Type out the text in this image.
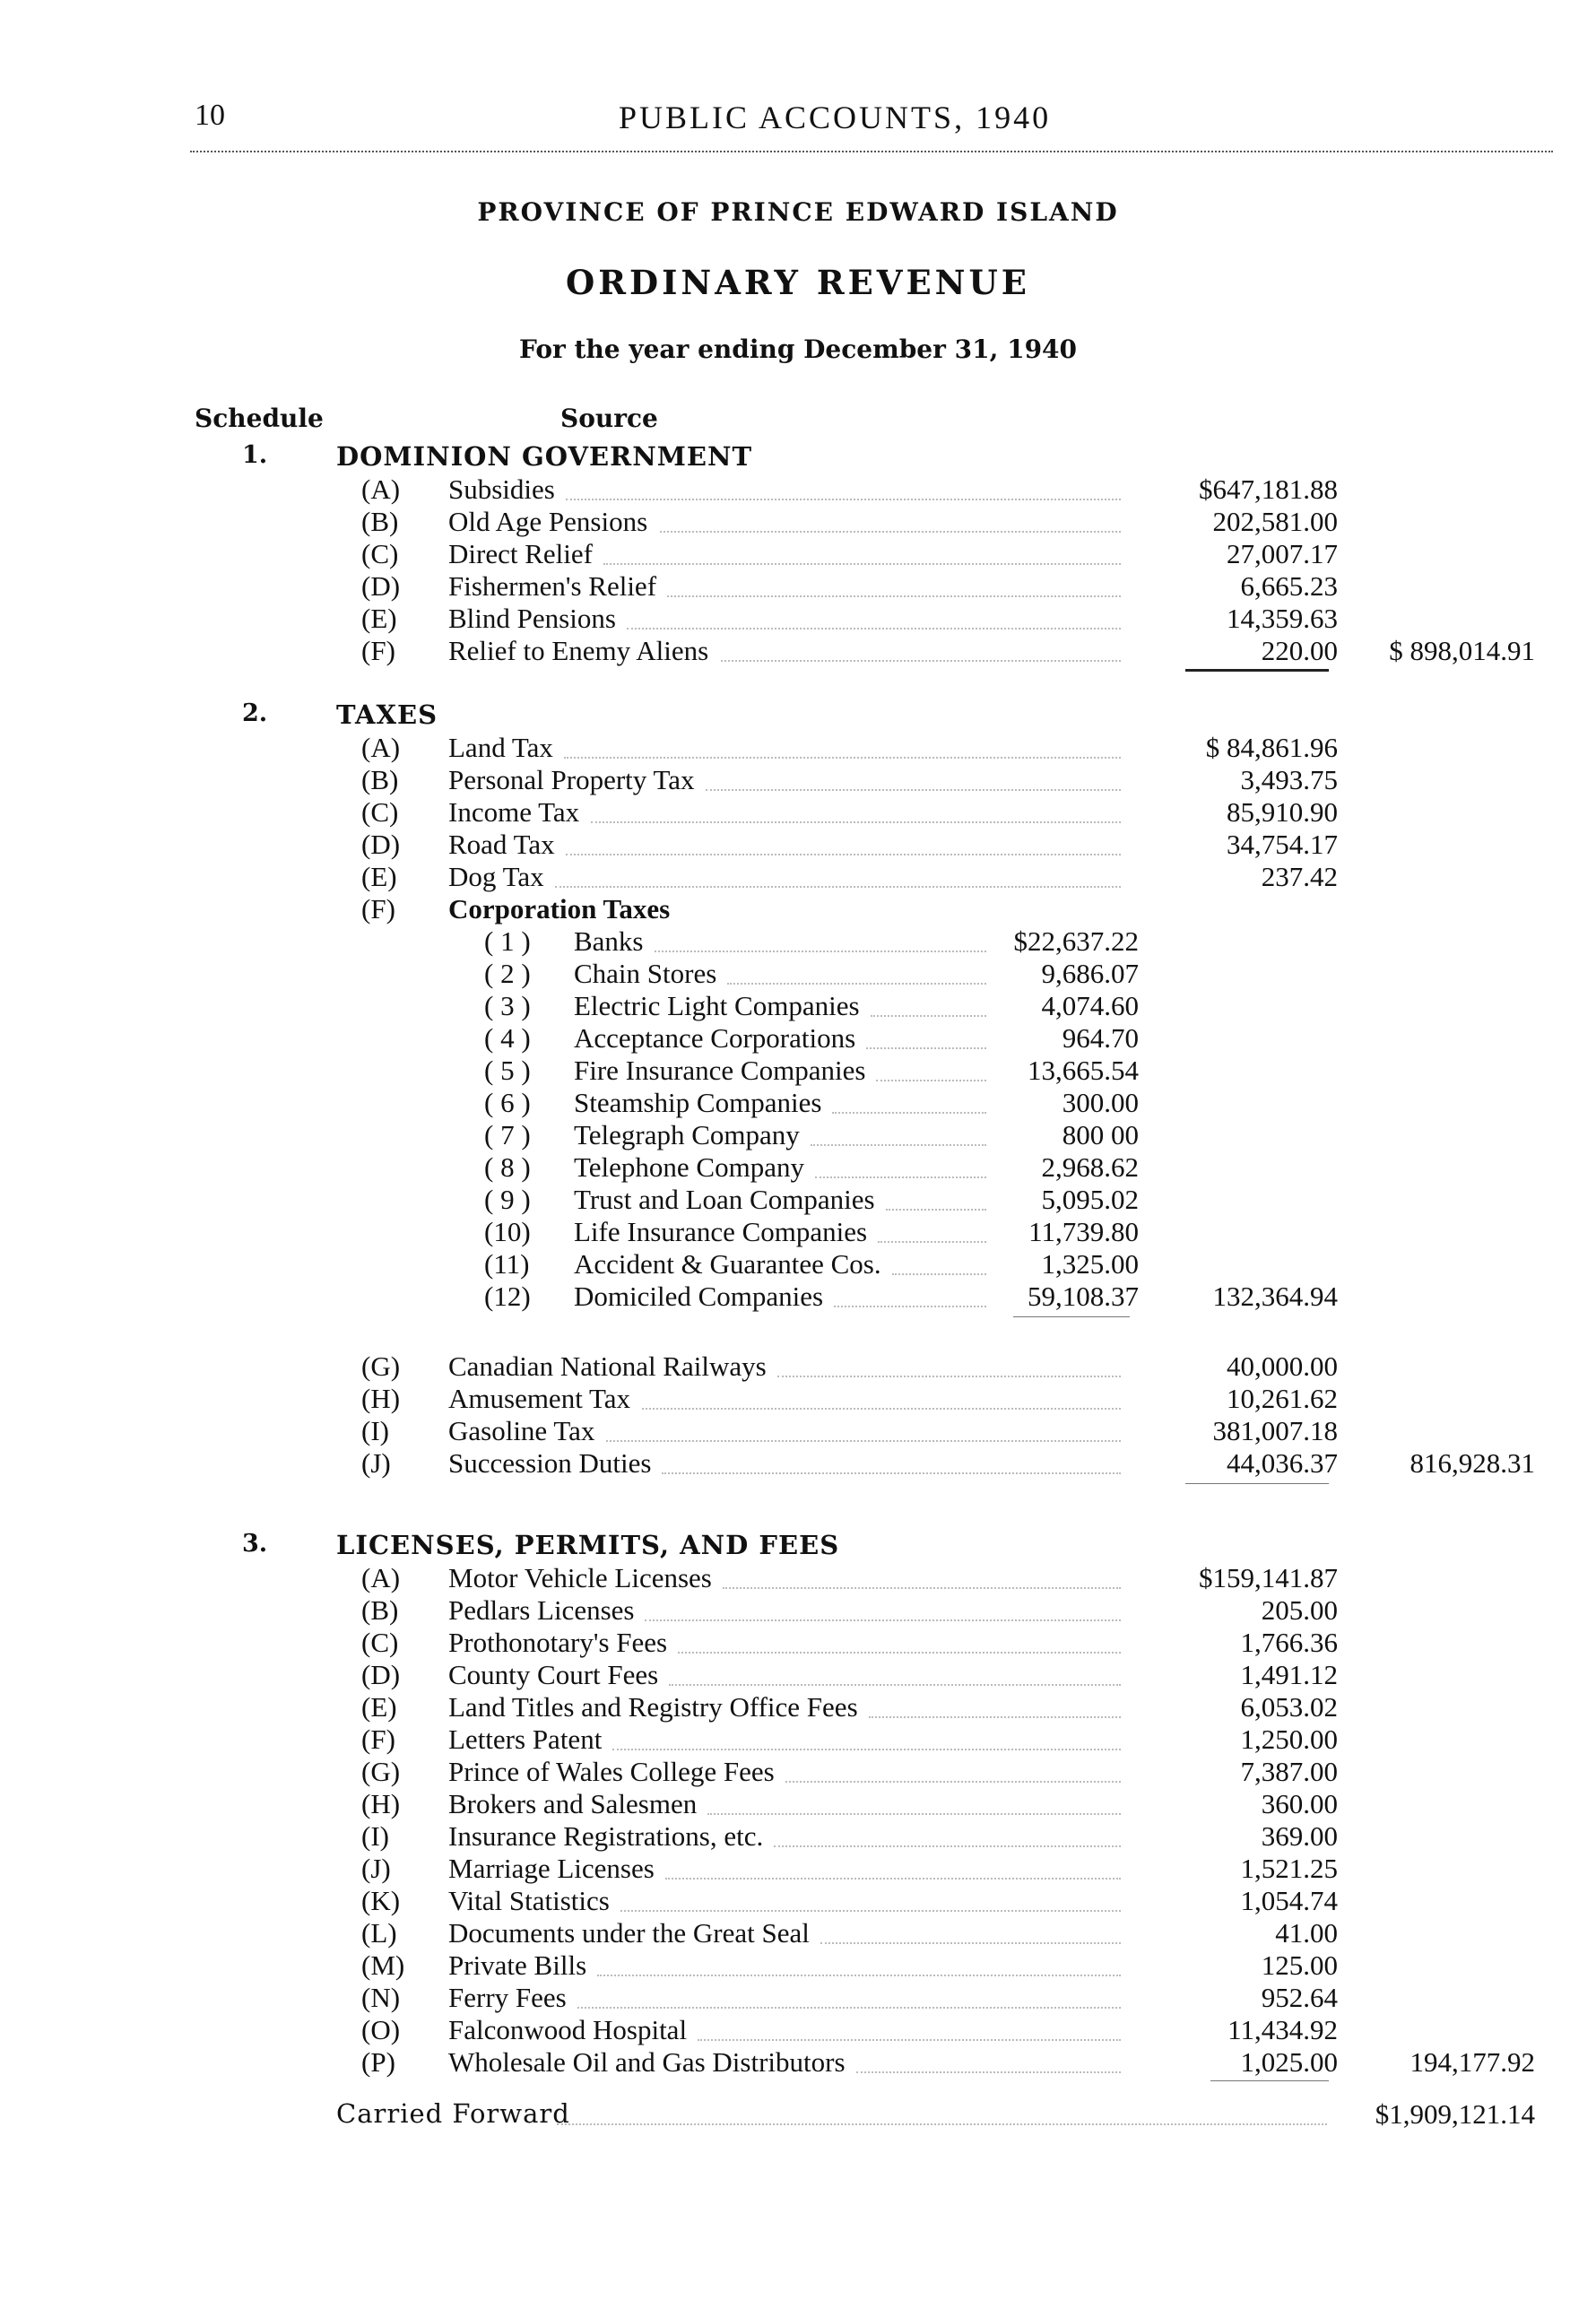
10	PUBLIC ACCOUNTS, 1940
PROVINCE OF PRINCE EDWARD ISLAND
ORDINARY REVENUE
For the year ending December 31, 1940
Schedule	Source
1.	DOMINION GOVERNMENT
(A) Subsidies	$647,181.88
(B) Old Age Pensions	202,581.00
(C) Direct Relief	27,007.17
(D) Fishermen's Relief	6,665.23
(E) Blind Pensions	14,359.63
(F) Relief to Enemy Aliens	220.00	$ 898,014.91
2.	TAXES
(A) Land Tax	$ 84,861.96
(B) Personal Property Tax	3,493.75
(C) Income Tax	85,910.90
(D) Road Tax	34,754.17
(E) Dog Tax	237.42
(F) Corporation Taxes
( 1 ) Banks	$22,637.22
( 2 ) Chain Stores	9,686.07
( 3 ) Electric Light Companies	4,074.60
( 4 ) Acceptance Corporations	964.70
( 5 ) Fire Insurance Companies	13,665.54
( 6 ) Steamship Companies	300.00
( 7 ) Telegraph Company	800 00
( 8 ) Telephone Company	2,968.62
( 9 ) Trust and Loan Companies	5,095.02
(10) Life Insurance Companies	11,739.80
(11) Accident & Guarantee Cos.	1,325.00
(12) Domiciled Companies	59,108.37	132,364.94
(G) Canadian National Railways	40,000.00
(H) Amusement Tax	10,261.62
(I) Gasoline Tax	381,007.18
(J) Succession Duties	44,036.37	816,928.31
3.	LICENSES, PERMITS, AND FEES
(A) Motor Vehicle Licenses	$159,141.87
(B) Pedlars Licenses	205.00
(C) Prothonotary's Fees	1,766.36
(D) County Court Fees	1,491.12
(E) Land Titles and Registry Office Fees	6,053.02
(F) Letters Patent	1,250.00
(G) Prince of Wales College Fees	7,387.00
(H) Brokers and Salesmen	360.00
(I) Insurance Registrations, etc.	369.00
(J) Marriage Licenses	1,521.25
(K) Vital Statistics	1,054.74
(L) Documents under the Great Seal	41.00
(M) Private Bills	125.00
(N) Ferry Fees	952.64
(O) Falconwood Hospital	11,434.92
(P) Wholesale Oil and Gas Distributors	1,025.00	194,177.92
Carried Forward	$1,909,121.14
